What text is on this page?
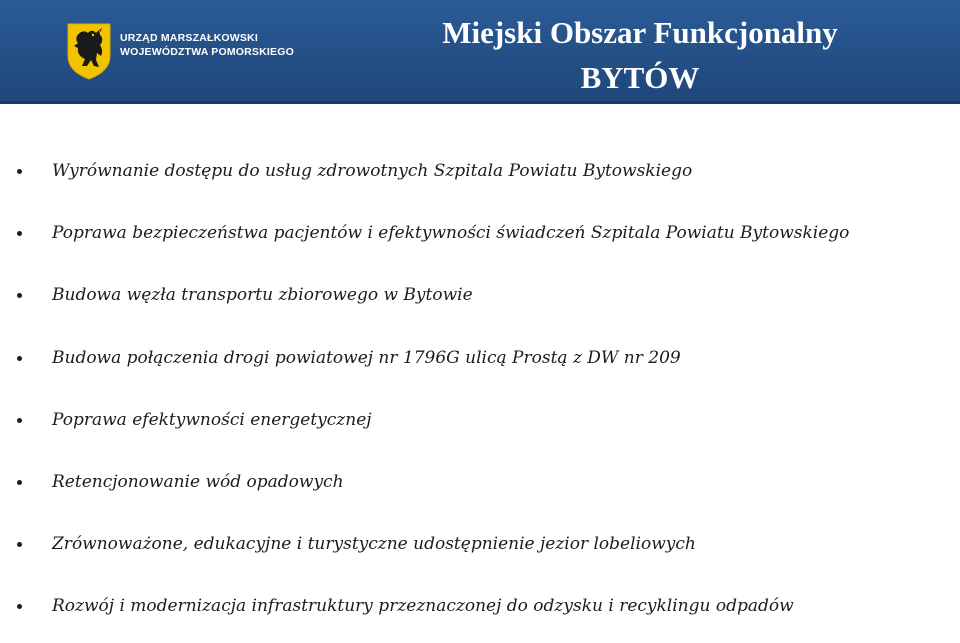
URZĄD MARSZAŁKOWSKI
WOJEWÓDZTWA POMORSKIEGO
Miejski Obszar Funkcjonalny
BYTÓW
Wyrównanie dostępu do usług zdrowotnych Szpitala Powiatu Bytowskiego
Poprawa bezpieczeństwa pacjentów i efektywności świadczeń Szpitala Powiatu Bytowskiego
Budowa węzła transportu zbiorowego w Bytowie
Budowa połączenia drogi powiatowej nr 1796G ulicą Prostą z DW nr 209
Poprawa efektywności energetycznej
Retencjonowanie wód opadowych
Zrównoważone, edukacyjne i turystyczne udostępnienie jezior lobeliowych
Rozwój i modernizacja infrastruktury przeznaczonej do odzysku i recyklingu odpadów
